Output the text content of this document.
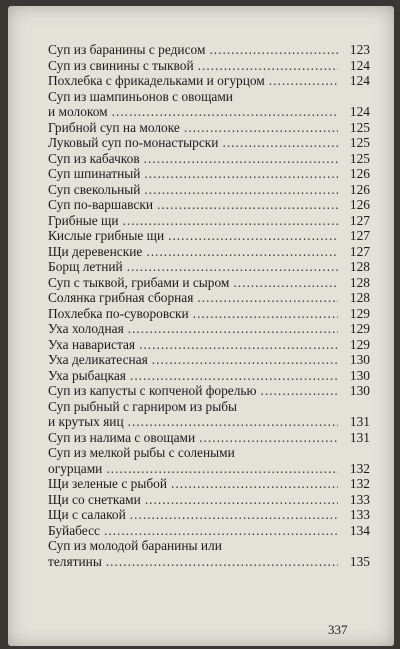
Суп из баранины с редисом .....	123
Суп из свинины с тыквой .....	124
Похлебка с фрикадельками и огурцом .....	124
Суп из шампиньонов с овощами
и молоком .....	124
Грибной суп на молоке .....	125
Луковый суп по-монастырски .....	125
Суп из кабачков .....	125
Суп шпинатный .....	126
Суп свекольный .....	126
Суп по-варшавски .....	126
Грибные щи .....	127
Кислые грибные щи .....	127
Щи деревенские .....	127
Борщ летний .....	128
Суп с тыквой, грибами и сыром .....	128
Солянка грибная сборная .....	128
Похлебка по-суворовски .....	129
Уха холодная .....	129
Уха наваристая .....	129
Уха деликатесная .....	130
Уха рыбацкая .....	130
Суп из капусты с копченой форелью .....	130
Суп рыбный с гарниром из рыбы
и крутых яиц .....	131
Суп из налима с овощами .....	131
Суп из мелкой рыбы с солеными
огурцами .....	132
Щи зеленые с рыбой .....	132
Щи со снетками .....	133
Щи с салакой .....	133
Буйабесс .....	134
Суп из молодой баранины или
телятины .....	135
337
